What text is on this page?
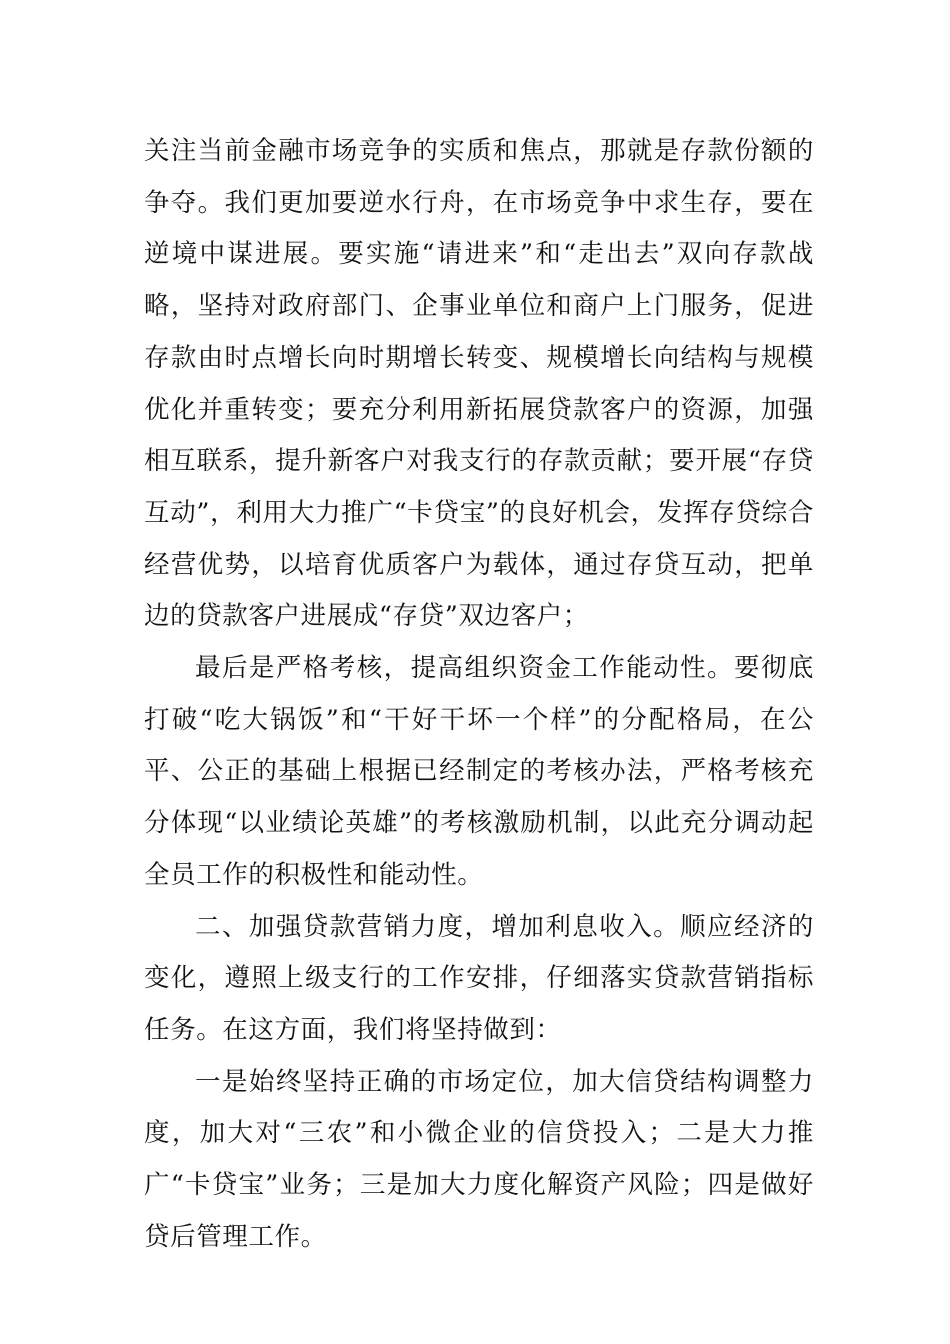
关注当前金融市场竞争的实质和焦点，那就是存款份额的争夺。我们更加要逆水行舟，在市场竞争中求生存，要在逆境中谋进展。要实施“请进来”和“走出去”双向存款战略，坚持对政府部门、企事业单位和商户上门服务，促进存款由时点增长向时期增长转变、规模增长向结构与规模优化并重转变；要充分利用新拓展贷款客户的资源，加强相互联系，提升新客户对我支行的存款贡献；要开展“存贷互动”，利用大力推广“卡贷宝”的良好机会，发挥存贷综合经营优势，以培育优质客户为载体，通过存贷互动，把单边的贷款客户进展成“存贷”双边客户；

最后是严格考核，提高组织资金工作能动性。要彻底打破“吃大锅饭”和“干好干坏一个样”的分配格局，在公平、公正的基础上根据已经制定的考核办法，严格考核充分体现“以业绩论英雄”的考核激励机制，以此充分调动起全员工作的积极性和能动性。

二、加强贷款营销力度，增加利息收入。顺应经济的变化，遵照上级支行的工作安排，仔细落实贷款营销指标任务。在这方面，我们将坚持做到：

一是始终坚持正确的市场定位，加大信贷结构调整力度，加大对“三农”和小微企业的信贷投入；二是大力推广“卡贷宝”业务；三是加大力度化解资产风险；四是做好贷后管理工作。
